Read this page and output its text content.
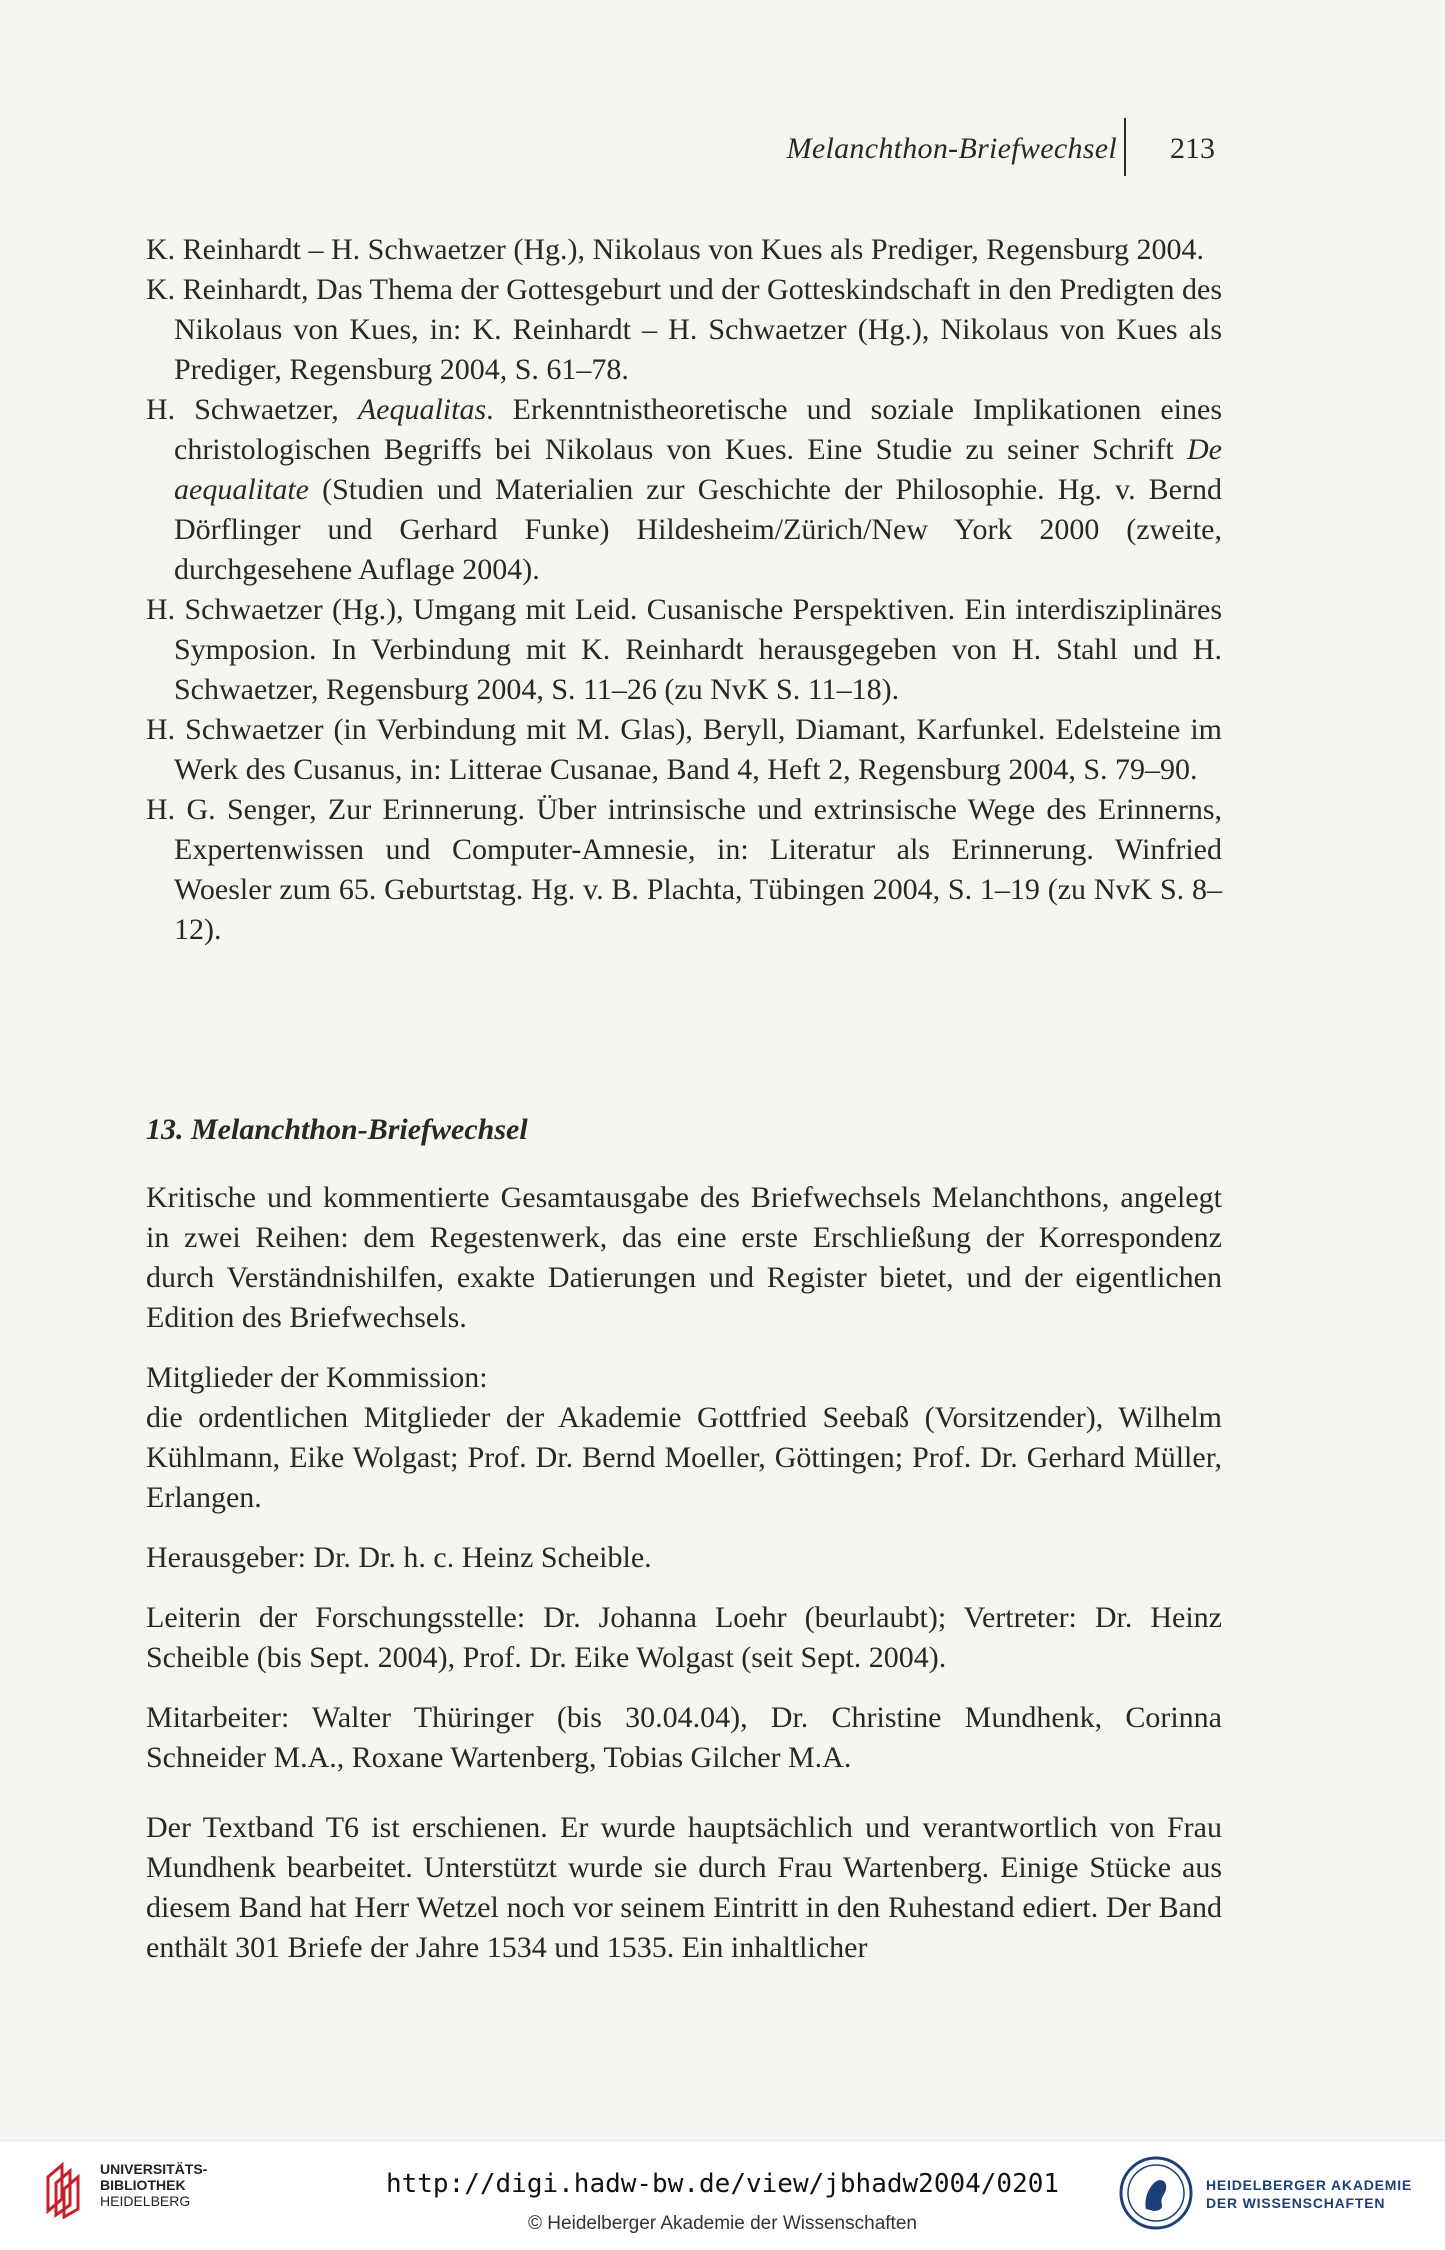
Melanchthon-Briefwechsel 213

K. Reinhardt – H. Schwaetzer (Hg.), Nikolaus von Kues als Prediger, Regensburg 2004.

K. Reinhardt, Das Thema der Gottesgeburt und der Gotteskindschaft in den Predigten des Nikolaus von Kues, in: K. Reinhardt – H. Schwaetzer (Hg.), Nikolaus von Kues als Prediger, Regensburg 2004, S. 61–78.

H. Schwaetzer, Aequalitas. Erkenntnistheoretische und soziale Implikationen eines christologischen Begriffs bei Nikolaus von Kues. Eine Studie zu seiner Schrift De aequalitate (Studien und Materialien zur Geschichte der Philosophie. Hg. v. Bernd Dörflinger und Gerhard Funke) Hildesheim/Zürich/New York 2000 (zweite, durchgesehene Auflage 2004).

H. Schwaetzer (Hg.), Umgang mit Leid. Cusanische Perspektiven. Ein interdisziplinäres Symposion. In Verbindung mit K. Reinhardt herausgegeben von H. Stahl und H. Schwaetzer, Regensburg 2004, S. 11–26 (zu NvK S. 11–18).

H. Schwaetzer (in Verbindung mit M. Glas), Beryll, Diamant, Karfunkel. Edelsteine im Werk des Cusanus, in: Litterae Cusanae, Band 4, Heft 2, Regensburg 2004, S. 79–90.

H. G. Senger, Zur Erinnerung. Über intrinsische und extrinsische Wege des Erinnerns, Expertenwissen und Computer-Amnesie, in: Literatur als Erinnerung. Winfried Woesler zum 65. Geburtstag. Hg. v. B. Plachta, Tübingen 2004, S. 1–19 (zu NvK S. 8–12).

13. Melanchthon-Briefwechsel

Kritische und kommentierte Gesamtausgabe des Briefwechsels Melanchthons, angelegt in zwei Reihen: dem Regestenwerk, das eine erste Erschließung der Korrespondenz durch Verständnishilfen, exakte Datierungen und Register bietet, und der eigentlichen Edition des Briefwechsels.

Mitglieder der Kommission:
die ordentlichen Mitglieder der Akademie Gottfried Seebaß (Vorsitzender), Wilhelm Kühlmann, Eike Wolgast; Prof. Dr. Bernd Moeller, Göttingen; Prof. Dr. Gerhard Müller, Erlangen.

Herausgeber: Dr. Dr. h. c. Heinz Scheible.

Leiterin der Forschungsstelle: Dr. Johanna Loehr (beurlaubt); Vertreter: Dr. Heinz Scheible (bis Sept. 2004), Prof. Dr. Eike Wolgast (seit Sept. 2004).

Mitarbeiter: Walter Thüringer (bis 30.04.04), Dr. Christine Mundhenk, Corinna Schneider M.A., Roxane Wartenberg, Tobias Gilcher M.A.

Der Textband T6 ist erschienen. Er wurde hauptsächlich und verantwortlich von Frau Mundhenk bearbeitet. Unterstützt wurde sie durch Frau Wartenberg. Einige Stücke aus diesem Band hat Herr Wetzel noch vor seinem Eintritt in den Ruhestand ediert. Der Band enthält 301 Briefe der Jahre 1534 und 1535. Ein inhaltlicher

UNIVERSITÄTS-
BIBLIOTHEK
HEIDELBERG
http://digi.hadw-bw.de/view/jbhadw2004/0201
© Heidelberger Akademie der Wissenschaften
HEIDELBERGER AKADEMIE
DER WISSENSCHAFTEN
